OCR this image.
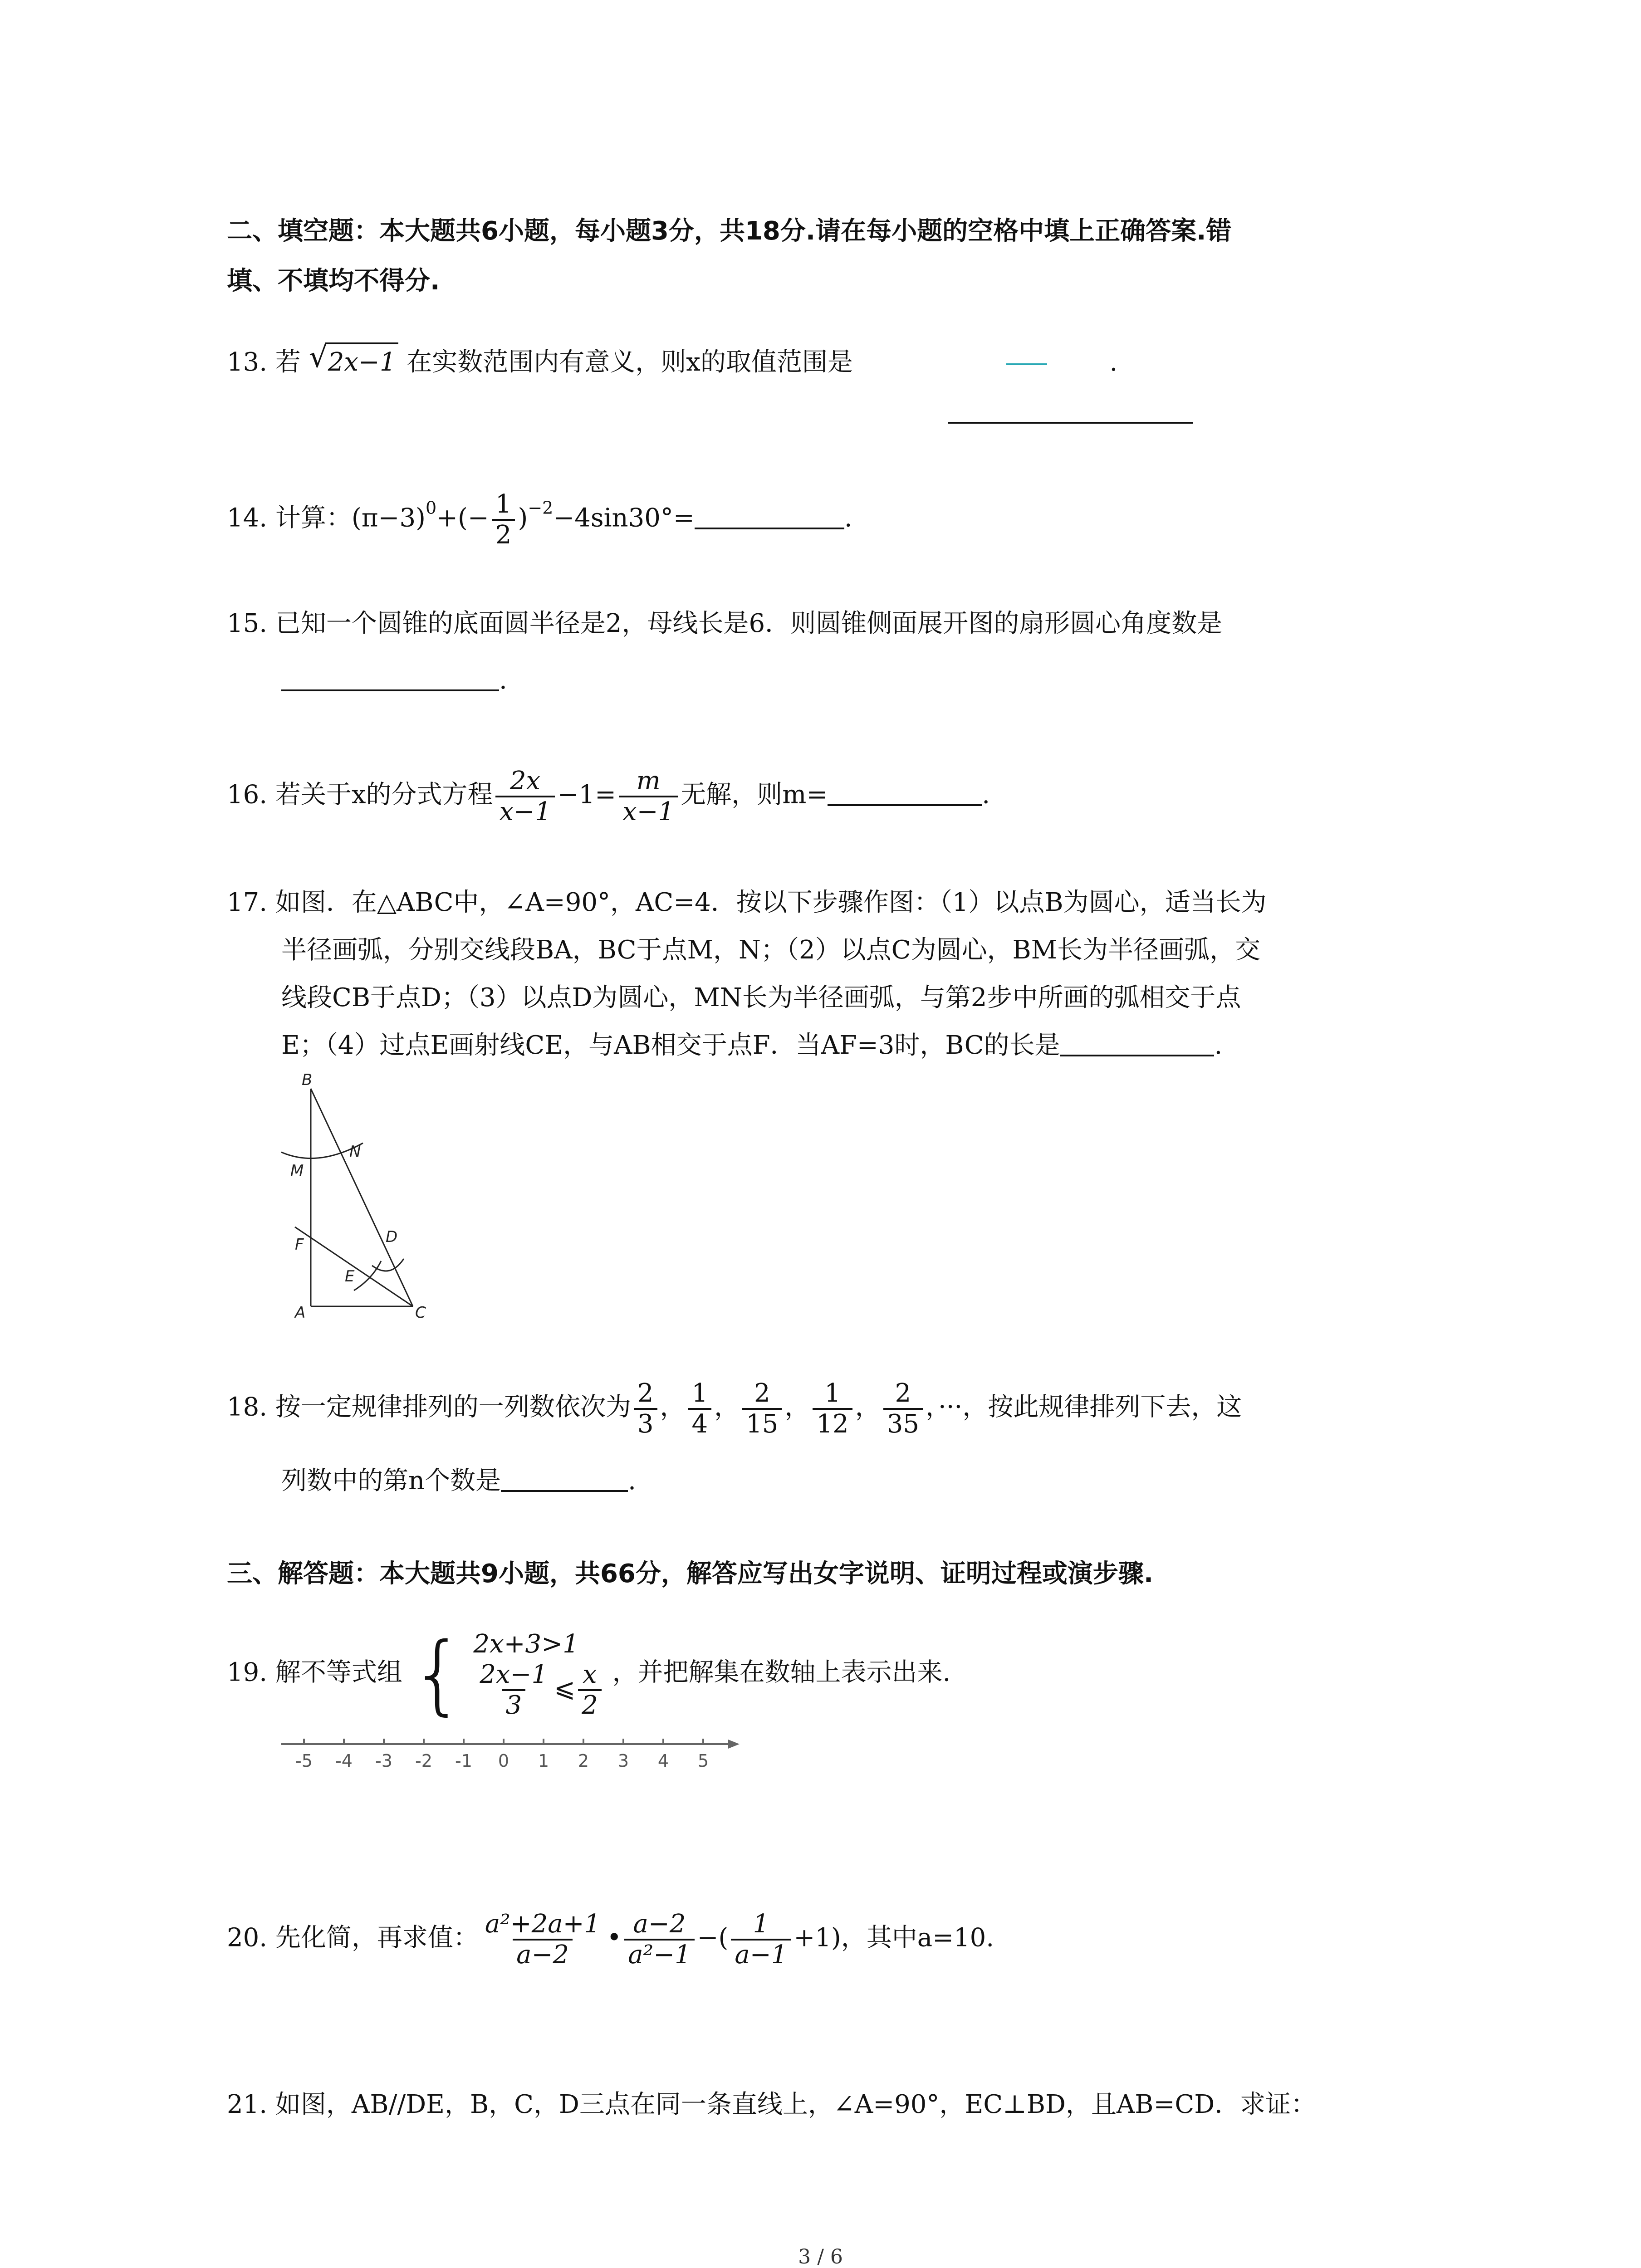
二、填空题：本大题共6小题，每小题3分，共18分.请在每小题的空格中填上正确答案.错
填、不填均不得分.
13. 若 √ 2x−1 在实数范围内有意义，则x的取值范围是	.
14. 计算：$(\pi-3)^0+(- \frac{1}{2} )^{-2}-4\sin 30^\circ=$	.
15. 已知一个圆锥的底面圆半径是2，母线长是6．则圆锥侧面展开图的扇形圆心角度数是
.
16. 若关于x的分式方程 $\frac{2x}{x-1} -1= \frac{m}{x-1}$ 无解，则m=	.
17. 如图．在△ABC中，∠A=90°，AC=4．按以下步骤作图：（1）以点B为圆心，适当长为
半径画弧，分别交线段BA，BC于点M，N；（2）以点C为圆心，BM长为半径画弧，交
线段CB于点D；（3）以点D为圆心，MN长为半径画弧，与第2步中所画的弧相交于点
E；（4）过点E画射线CE，与AB相交于点F．当AF=3时，BC的长是	.
B
N
M
F	D
E
A	C
18. 按一定规律排列的一列数依次为 $\frac{2}{3}$ ， $\frac{1}{4}$ ， $\frac{2}{15}$ ， $\frac{1}{12}$ ， $\frac{2}{35}$ ，···，按此规律排列下去，这
列数中的第n个数是	.
三、解答题：本大题共9小题，共66分，解答应写出女字说明、证明过程或演步骤.
19. 解不等式组 { 2x+3>1
$\frac{2x-1}{3}$ ⩽ $\frac{x}{2}$ ，并把解集在数轴上表示出来.
-5 -4 -3 -2 -1 0 1 2 3 4 5
20. 先化简，再求值： $\frac{\text{a²+2a+1}}{a-2}$ • $\frac{a-2}{\text{a²−1}}$ −( $\frac{1}{a-1} +1$)，其中a=10.
21. 如图，AB//DE，B，C，D三点在同一条直线上，∠A=90°，EC⊥BD，且AB=CD．求证：
3 / 6
